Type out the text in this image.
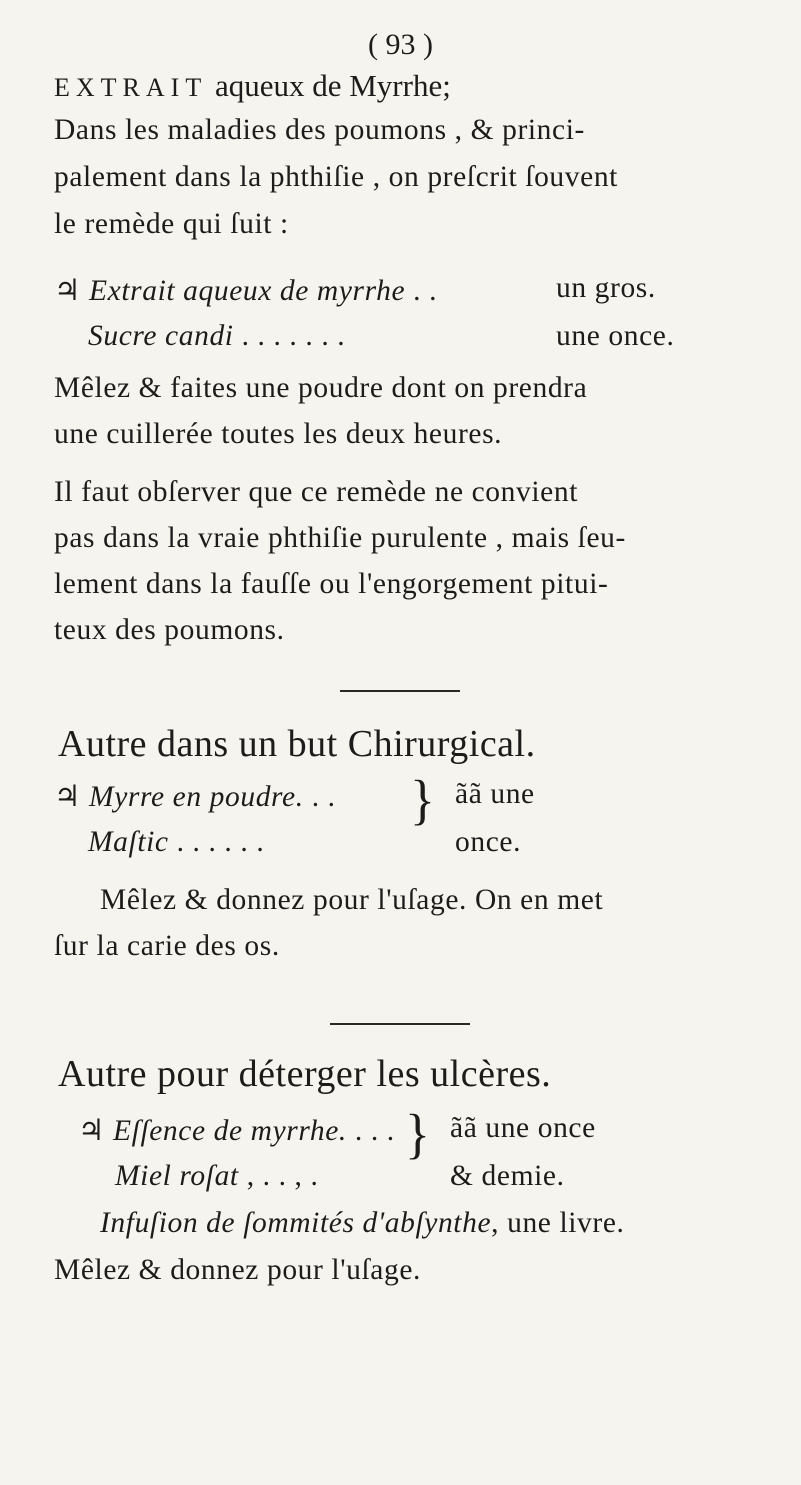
( 93 )
EXTRAIT aqueux de Myrrhe;
Dans les maladies des poumons , & princi-
palement dans la phthiſie , on preſcrit ſouvent
le remède qui ſuit :
♃ Extrait aqueux de myrrhe . .	un gros.
Sucre candi . . . . . . .	une once.
Mêlez & faites une poudre dont on prendra
une cuillerée toutes les deux heures.
Il faut obſerver que ce remède ne convient
pas dans la vraie phthiſie purulente , mais ſeu-
lement dans la fauſſe ou l'engorgement pitui-
teux des poumons.
Autre dans un but Chirurgical.
♃ Myrre en poudre. . .
Maſtic . . . . . .
} ãã une
once.
Mêlez & donnez pour l'uſage. On en met
ſur la carie des os.
Autre pour déterger les ulcères.
♃ Eſſence de myrrhe. . . .
Miel roſat , . . , .
} ãã une once
& demie.
Infuſion de ſommités d'abſynthe, une livre.
Mêlez & donnez pour l'uſage.
